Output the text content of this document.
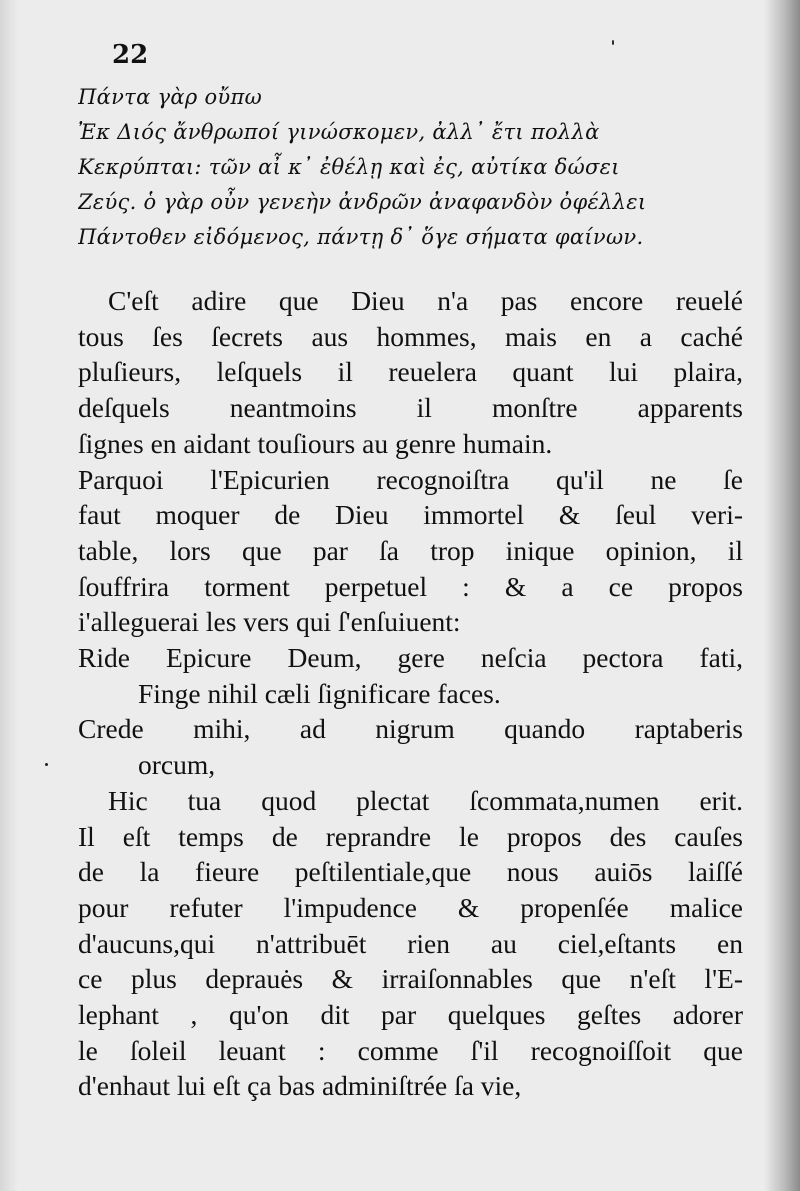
22
Πάντα γὰρ οὔπω
Ἐκ Διός ἄνθρωποί γινώσκομεν, ἀλλ᾽ ἔτι πολλὰ
Κεκρύπται: τῶν αἶ κ᾽ ἐθέλῃ καὶ ἐς, αὐτίκα δώσει
Ζεύς. ὁ γὰρ οὖν γενεὴν ἀνδρῶν ἀναφανδὸν ὀφέλλει
Πάντοθεν εἰδόμενος, πάντῃ δ᾽ ὅγε σήματα φαίνων.
C'eſt adire que Dieu n'a pas encore reuelé
tous ſes ſecrets aus hommes, mais en a caché
pluſieurs, leſquels il reuelera quant lui plaira,
deſquels neantmoins il monſtre apparents
ſignes en aidant touſiours au genre humain.
Parquoi l'Epicurien recognoiſtra qu'il ne ſe
faut moquer de Dieu immortel & ſeul veri-
table, lors que par ſa trop inique opinion, il
ſouffrira torment perpetuel : & a ce propos
i'alleguerai les vers qui ſ'enſuiuent:
Ride Epicure Deum, gere neſcia pectora fati,
Finge nihil cæli ſignificare faces.
Crede mihi, ad nigrum quando raptaberis
orcum,
Hic tua quod plectat ſcommata,numen erit.
Il eſt temps de reprandre le propos des cauſes
de la fieure peſtilentiale,que nous auiōs laiſſé
pour refuter l'impudence & propenſée malice
d'aucuns,qui n'attribuēt rien au ciel,eſtants en
ce plus deprauės & irraiſonnables que n'eſt l'E-
lephant , qu'on dit par quelques geſtes adorer
le ſoleil leuant : comme ſ'il recognoiſſoit que
d'enhaut lui eſt ça bas adminiſtrée ſa vie,
